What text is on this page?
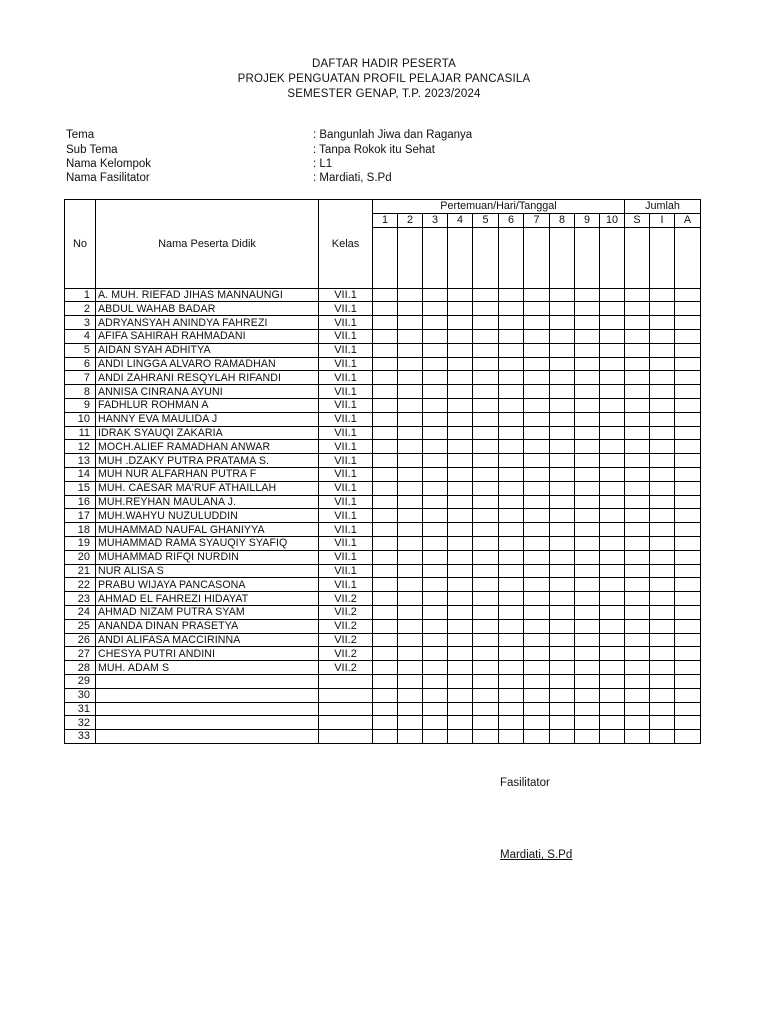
DAFTAR HADIR PESERTA
PROJEK PENGUATAN PROFIL PELAJAR PANCASILA
SEMESTER GENAP, T.P. 2023/2024
Tema	: Bangunlah Jiwa dan Raganya
Sub Tema	: Tanpa Rokok itu Sehat
Nama Kelompok	: L1
Nama Fasilitator	: Mardiati, S.Pd
No	Nama Peserta Didik	Kelas	Pertemuan/Hari/Tanggal										Jumlah		
			1	2	3	4	5	6	7	8	9	10	S	I	A

1	A. MUH. RIEFAD JIHAS MANNAUNGI	VII.1													
2	ABDUL WAHAB BADAR	VII.1													
3	ADRYANSYAH ANINDYA FAHREZI	VII.1													
4	AFIFA SAHIRAH RAHMADANI	VII.1													
5	AIDAN SYAH ADHITYA	VII.1													
6	ANDI LINGGA ALVARO RAMADHAN	VII.1													
7	ANDI ZAHRANI RESQYLAH RIFANDI	VII.1													
8	ANNISA CINRANA AYUNI	VII.1													
9	FADHLUR ROHMAN A	VII.1													
10	HANNY EVA MAULIDA J	VII.1													
11	IDRAK SYAUQI ZAKARIA	VII.1													
12	MOCH.ALIEF RAMADHAN ANWAR	VII.1													
13	MUH .DZAKY PUTRA PRATAMA S.	VII.1													
14	MUH NUR ALFARHAN PUTRA F	VII.1													
15	MUH. CAESAR MA'RUF ATHAILLAH	VII.1													
16	MUH.REYHAN MAULANA J.	VII.1													
17	MUH.WAHYU NUZULUDDIN	VII.1													
18	MUHAMMAD NAUFAL GHANIYYA	VII.1													
19	MUHAMMAD RAMA SYAUQIY SYAFIQ	VII.1													
20	MUHAMMAD RIFQI NURDIN	VII.1													
21	NUR ALISA S	VII.1													
22	PRABU WIJAYA PANCASONA	VII.1													
23	AHMAD EL FAHREZI HIDAYAT	VII.2													
24	AHMAD NIZAM PUTRA SYAM	VII.2													
25	ANANDA DINAN PRASETYA	VII.2													
26	ANDI ALIFASA MACCIRINNA	VII.2													
27	CHESYA PUTRI ANDINI	VII.2													
28	MUH. ADAM S	VII.2													
29															
30															
31															
32															
33															
Fasilitator
Mardiati, S.Pd
